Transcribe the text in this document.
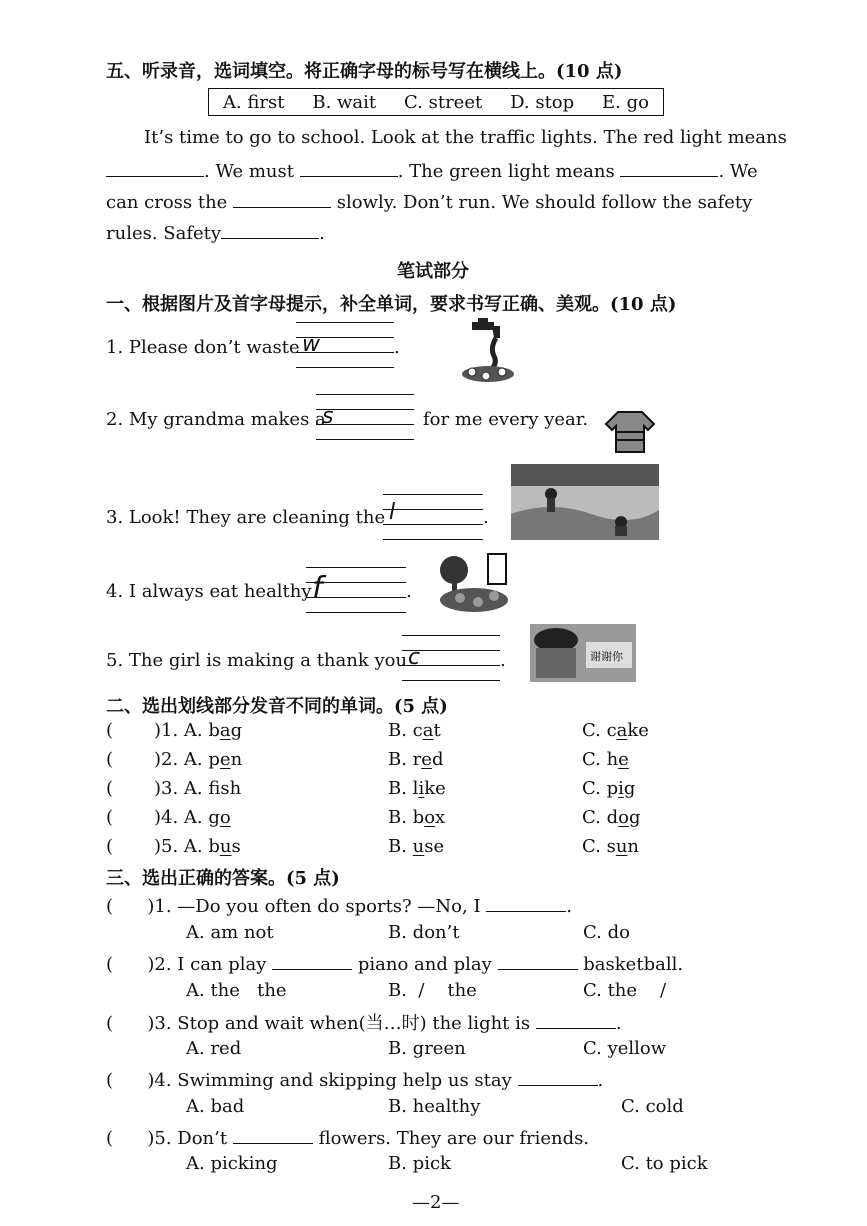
五、听录音，选词填空。将正确字母的标号写在横线上。(10 点)
A. first B. wait C. street D. stop E. go
It’s time to go to school. Look at the traffic lights. The red light means
. We must	. The green light means	. We
can cross the	slowly. Don’t run. We should follow the safety
rules. Safety	.
笔试部分
一、根据图片及首字母提示，补全单词，要求书写正确、美观。(10 点)
1. Please don’t waste w	.
2. My grandma makes a
s	for me every year.
3. Look! They are cleaning the l	.
4. I always eat healthy f	.
5. The girl is making a thank you c	.	谢谢你
二、选出划线部分发音不同的单词。(5 点)
( )1. A. bag	B. cat	C. cake
( )2. A. pen	B. red	C. he
( )3. A. fsh	B. like	C. pig
( )4. A. go	B. box	C. dog
( )5. A. bus	B. use	C. sun
三、选出正确的答案。(5 点)
(      )1. —Do you often do sports? —No, I	.
A. am not	B. don’t	C. do
(      )2. I can play	piano and play	basketball.
A. the   the	B.  /    the	C. the    /
(      )3. Stop and wait when(当…时) the light is	.
A. red	B. green	C. yellow
(      )4. Swimming and skipping help us stay	.
A. bad	B. healthy	C. cold
(      )5. Don’t	flowers. They are our friends.
A. picking	B. pick	C. to pick
—2—
